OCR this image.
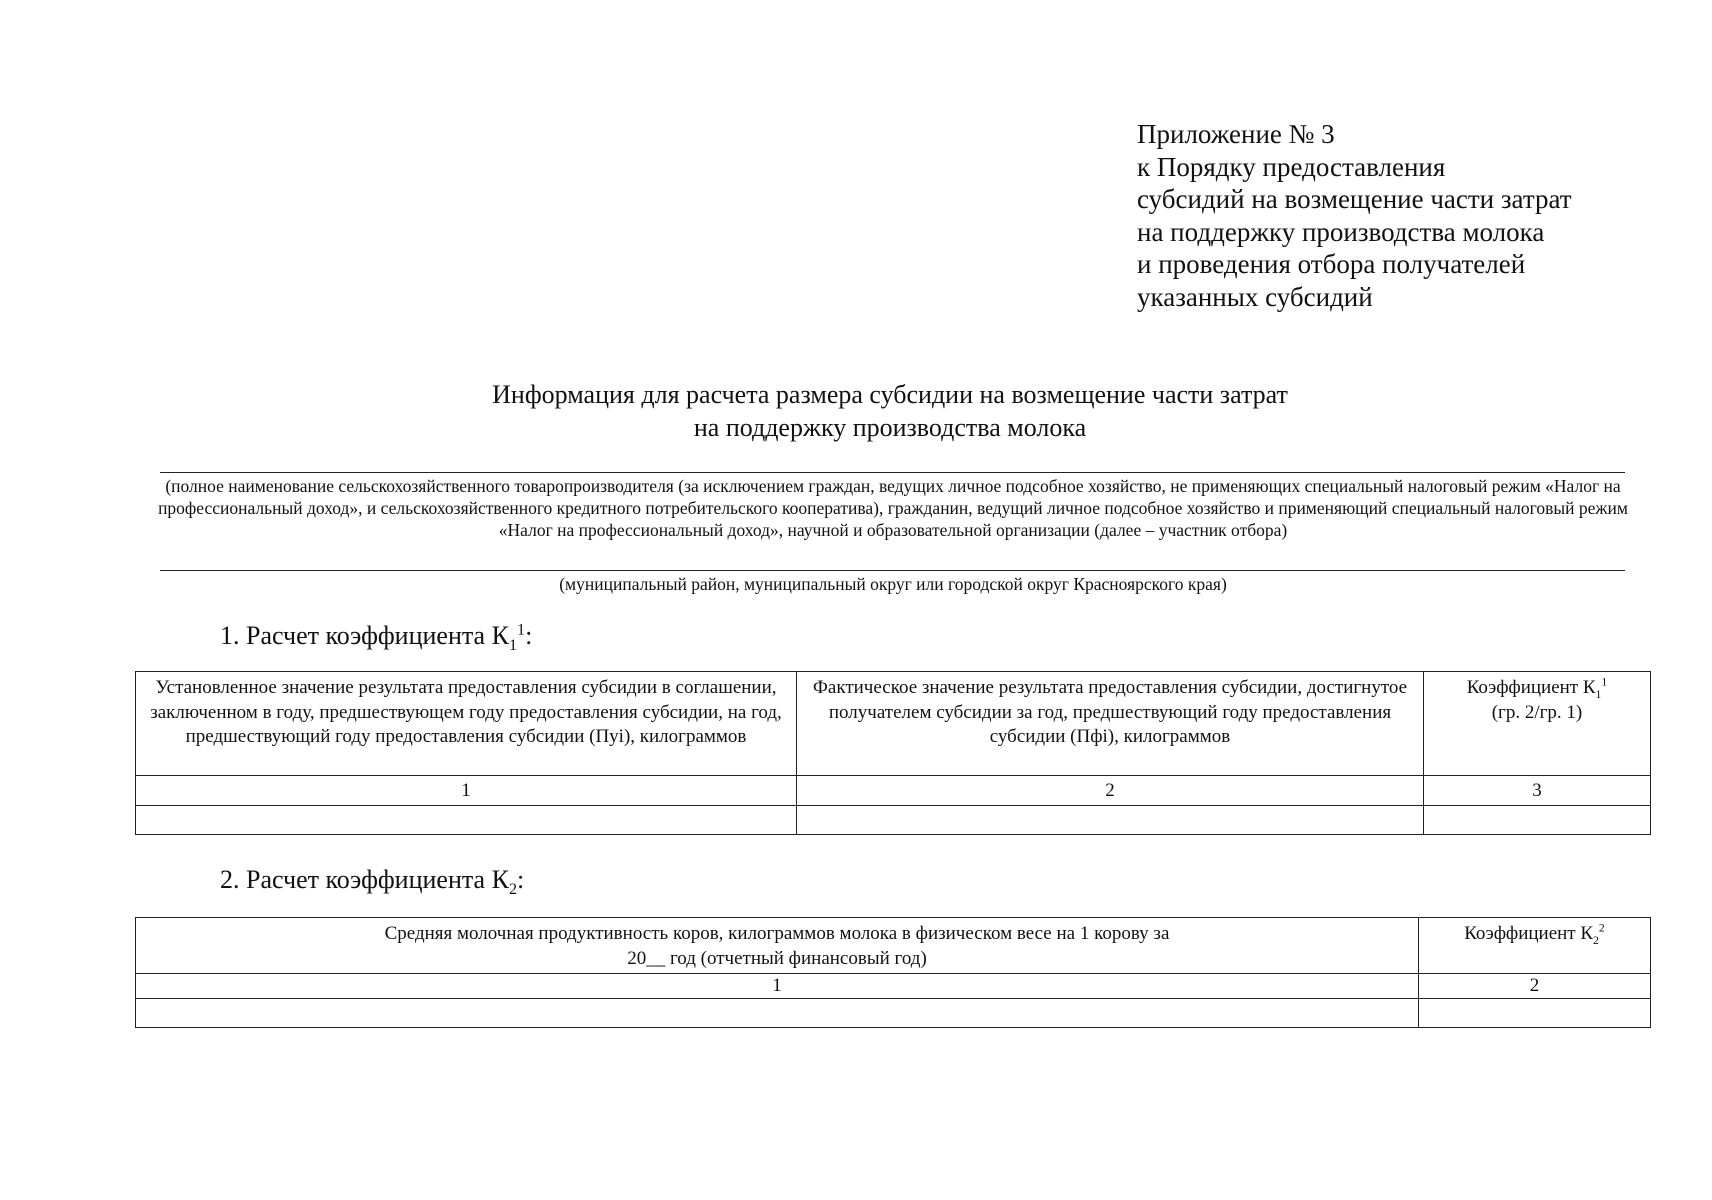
Приложение № 3
к Порядку предоставления
субсидий на возмещение части затрат
на поддержку производства молока
и проведения отбора получателей
указанных субсидий
Информация для расчета размера субсидии на возмещение части затрат
на поддержку производства молока
(полное наименование сельскохозяйственного товаропроизводителя (за исключением граждан, ведущих личное подсобное хозяйство, не применяющих специальный налоговый режим «Налог на профессиональный доход», и сельскохозяйственного кредитного потребительского кооператива), гражданин, ведущий личное подсобное хозяйство и применяющий специальный налоговый режим «Налог на профессиональный доход», научной и образовательной организации (далее – участник отбора)
(муниципальный район, муниципальный округ или городской округ Красноярского края)
1. Расчет коэффициента $К_1^1$:
Установленное значение результата предоставления субсидии в соглашении, заключенном в году, предшествующем году предоставления субсидии, на год, предшествующий году предоставления субсидии (Пуi), килограммов	Фактическое значение результата предоставления субсидии, достигнутое получателем субсидии за год, предшествующий году предоставления субсидии (Пфi), килограммов	Коэффициент $К_1^1$
(гр. 2/гр. 1)
1	2	3

2. Расчет коэффициента $К_2$:
Средняя молочная продуктивность коров, килограммов молока в физическом весе на 1 корову за 20__ год (отчетный финансовый год)	Коэффициент $К_2^2$
1	2
